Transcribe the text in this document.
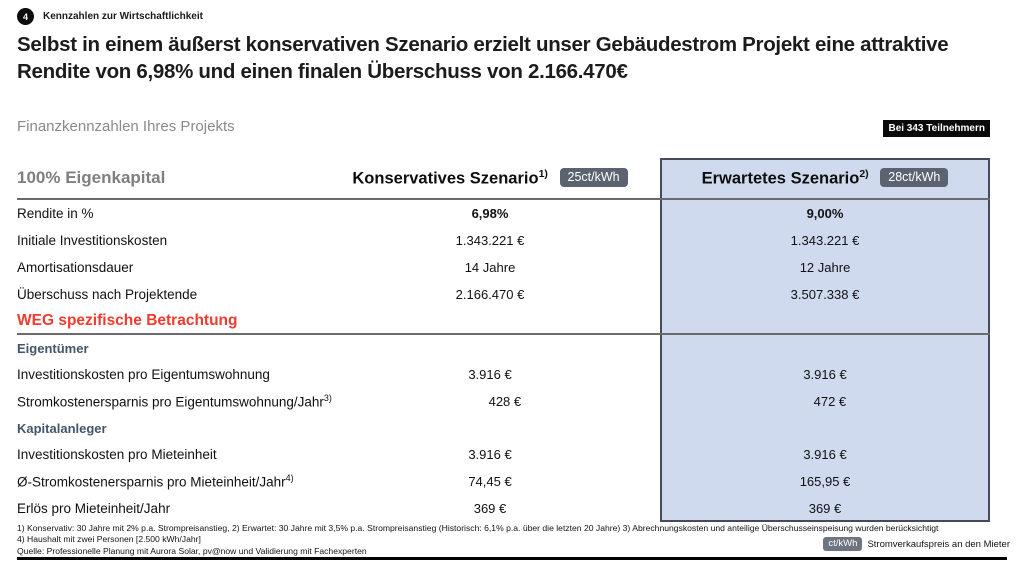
4	Kennzahlen zur Wirtschaftlichkeit
Selbst in einem äußerst konservativen Szenario erzielt unser Gebäudestrom Projekt eine attraktive Rendite von 6,98% und einen finalen Überschuss von 2.166.470€
Finanzkennzahlen Ihres Projekts	Bei 343 Teilnehmern
100% Eigenkapital	Konservatives Szenario$^{1)}$ 25ct/kWh	Erwartetes Szenario$^{2)}$ 28ct/kWh
Rendite in %	6,98%	9,00%
Initiale Investitionskosten	1.343.221 €	1.343.221 €
Amortisationsdauer	14 Jahre	12 Jahre
Überschuss nach Projektende	2.166.470 €	3.507.338 €
WEG spezifische Betrachtung
Eigentümer
Investitionskosten pro Eigentumswohnung	3.916 €	3.916 €
Stromkostenersparnis pro Eigentumswohnung/Jahr$^{3)}$	428 €	472 €
Kapitalanleger
Investitionskosten pro Mieteinheit	3.916 €	3.916 €
Ø-Stromkostenersparnis pro Mieteinheit/Jahr$^{4)}$	74,45 €	165,95 €
Erlös pro Mieteinheit/Jahr	369 €	369 €
1) Konservativ: 30 Jahre mit 2% p.a. Strompreisanstieg, 2) Erwartet: 30 Jahre mit 3,5% p.a. Strompreisanstieg (Historisch: 6,1% p.a. über die letzten 20 Jahre) 3) Abrechnungskosten und anteilige Überschusseinspeisung wurden berücksichtigt
4) Haushalt mit zwei Personen [2.500 kWh/Jahr]
Quelle: Professionelle Planung mit Aurora Solar, pv@now und Validierung mit Fachexperten
ct/kWh	Stromverkaufspreis an den Mieter
